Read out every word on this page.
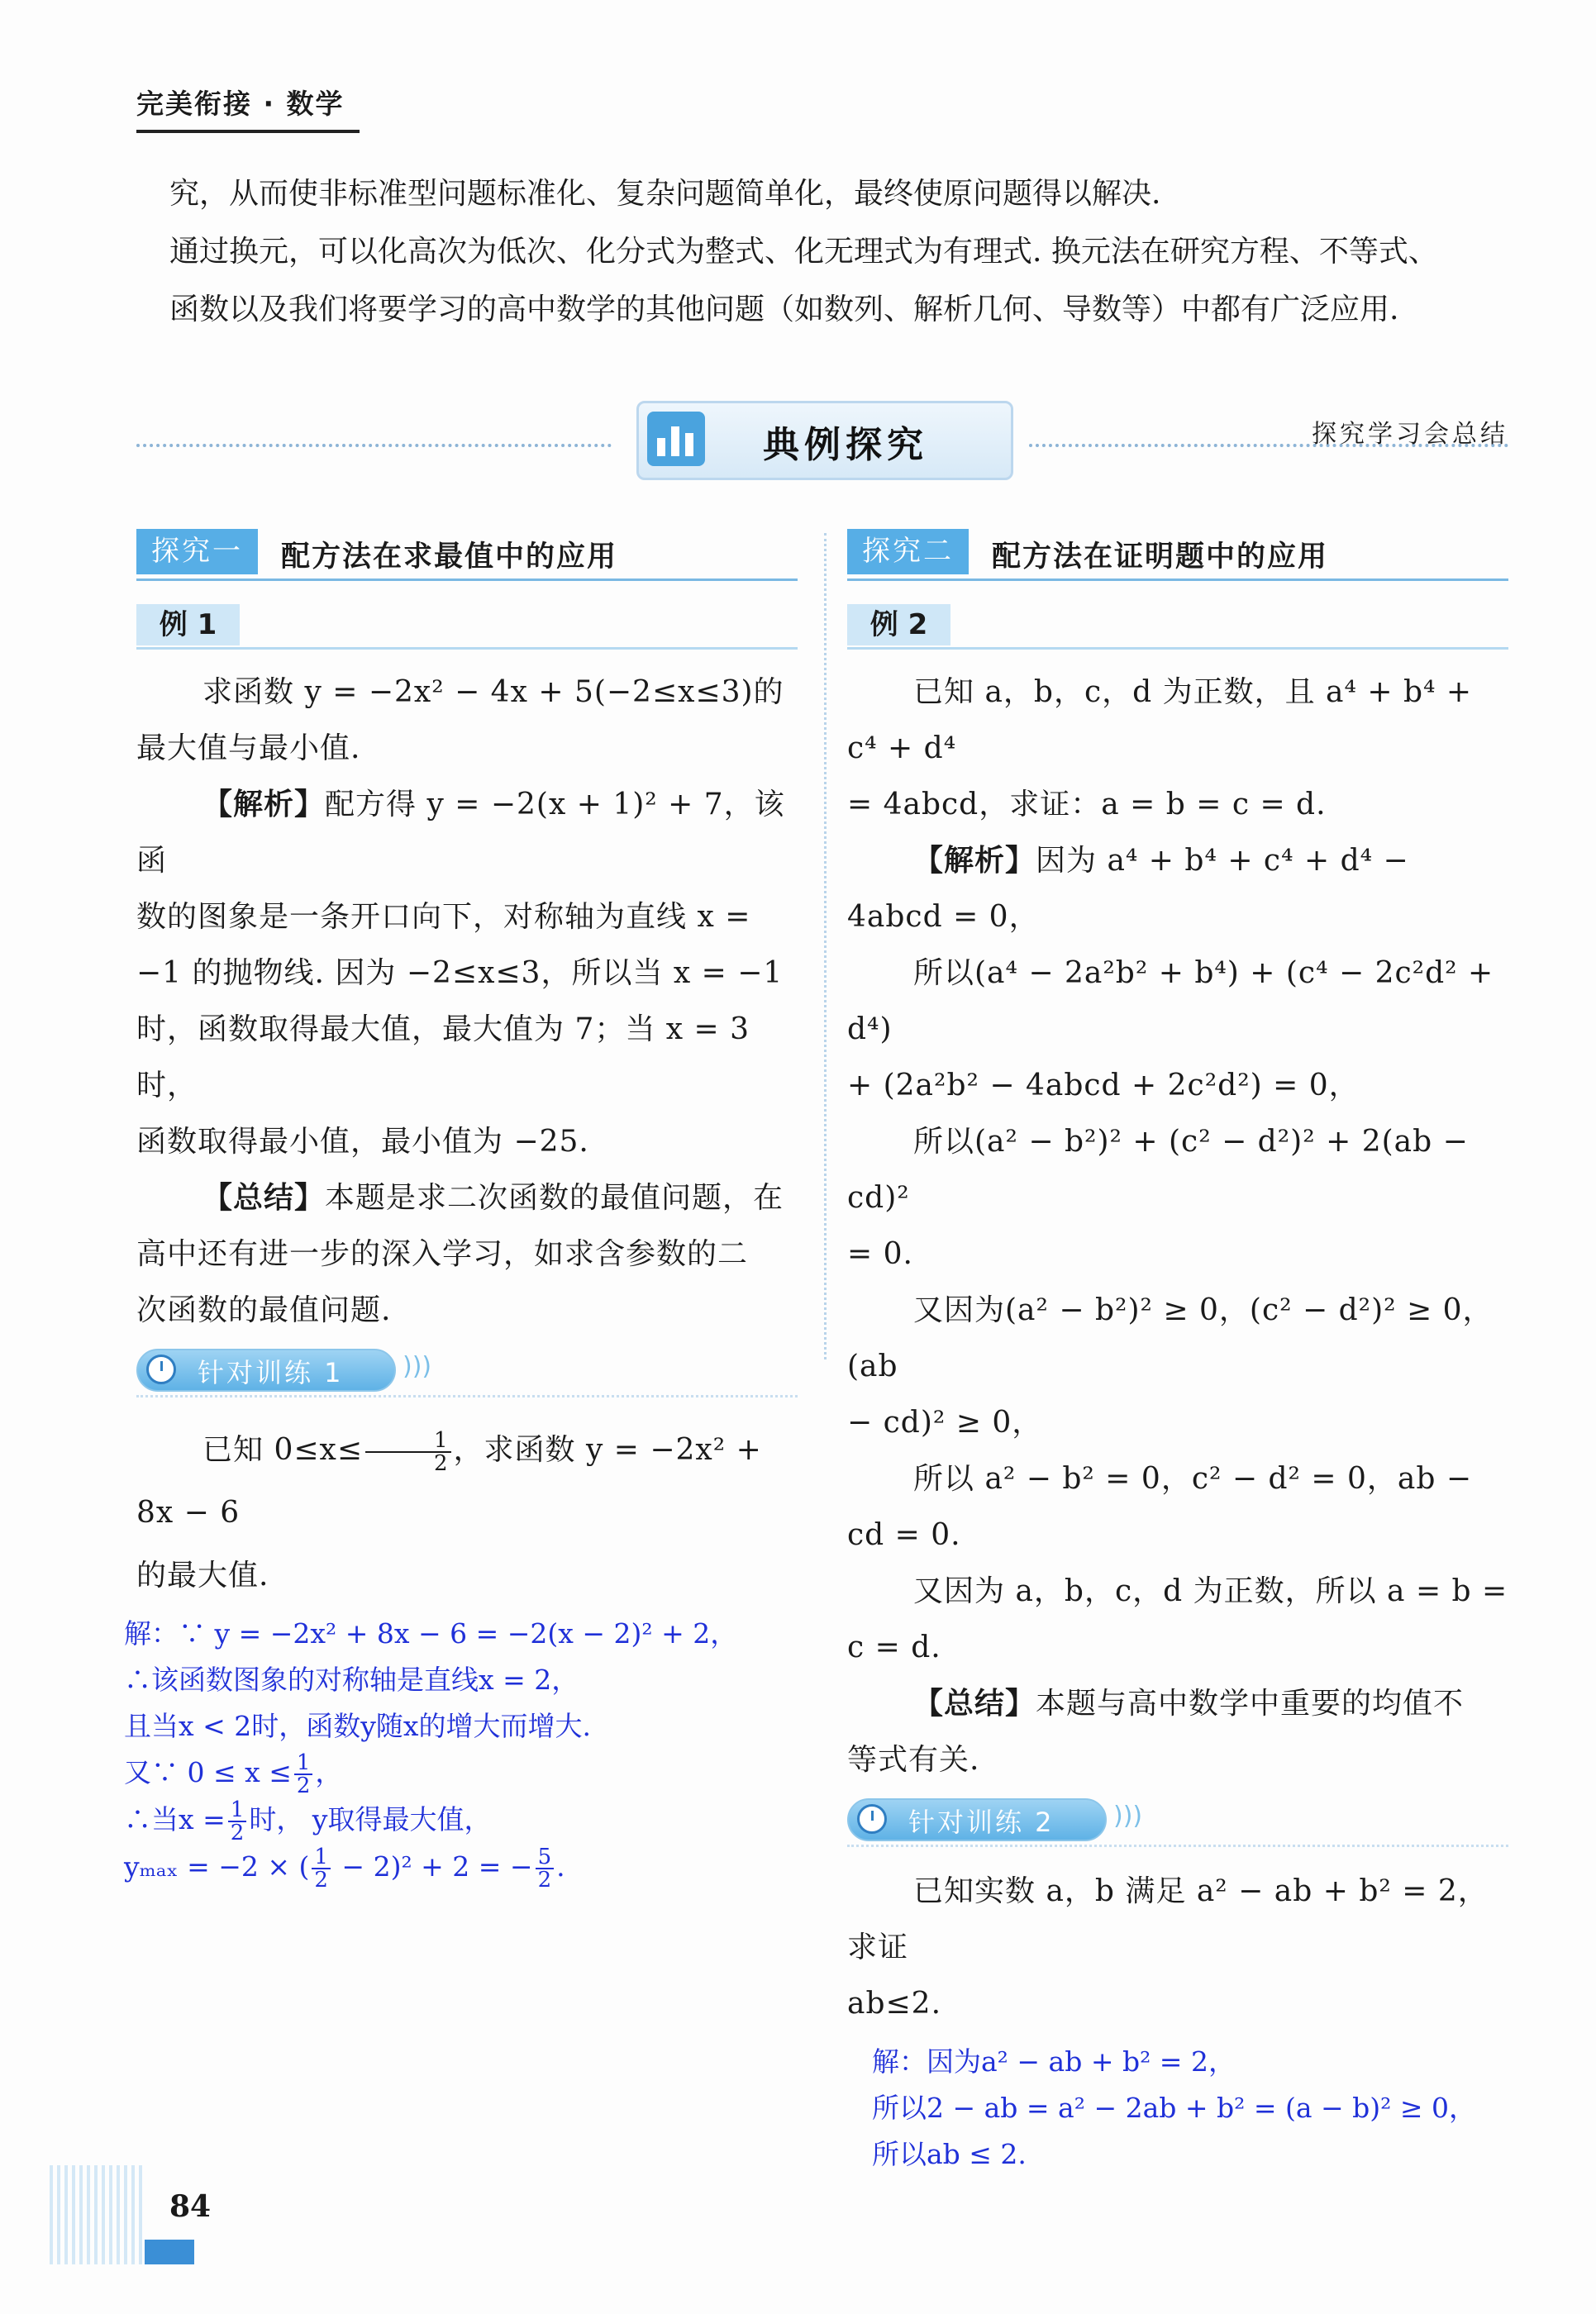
完美衔接 · 数学

究，从而使非标准型问题标准化、复杂问题简单化，最终使原问题得以解决.

通过换元，可以化高次为低次、化分式为整式、化无理式为有理式. 换元法在研究方程、不等式、

函数以及我们将要学习的高中数学的其他问题（如数列、解析几何、导数等）中都有广泛应用.

典例探究	探究学习会总结
探究一	配方法在求最值中的应用
例 1

求函数 y = −2x² − 4x + 5(−2≤x≤3)的

最大值与最小值.

【解析】配方得 y = −2(x + 1)² + 7，该函

数的图象是一条开口向下，对称轴为直线 x =

−1 的抛物线. 因为 −2≤x≤3，所以当 x = −1

时，函数取得最大值，最大值为 7；当 x = 3 时，

函数取得最小值，最小值为 −25.

【总结】本题是求二次函数的最值问题，在

高中还有进一步的深入学习，如求含参数的二

次函数的最值问题.

针对训练 1 )))

已知 $0\le x\le \frac{1}{2}$ ，求函数 y = −2x² + 8x − 6

的最大值.

解：∵ y = −2x² + 8x − 6 = −2(x − 2)² + 2，

∴该函数图象的对称轴是直线x = 2，

且当x < 2时，函数y随x的增大而增大.

又∵ $0 \le x \le \frac{1}{2}$ ，

∴当$x = \frac{1}{2}$ 时， y取得最大值，

yₘₐₓ = −2 × ( $\frac{1}{2} - 2)^2 + 2$ = − $\frac{5}{2}$ .

探究二	配方法在证明题中的应用
例 2

已知 a，b，c，d 为正数，且 a⁴ + b⁴ + c⁴ + d⁴

= 4abcd，求证：a = b = c = d.

【解析】因为 a⁴ + b⁴ + c⁴ + d⁴ − 4abcd = 0，

所以(a⁴ − 2a²b² + b⁴) + (c⁴ − 2c²d² + d⁴)

+ (2a²b² − 4abcd + 2c²d²) = 0，

所以(a² − b²)² + (c² − d²)² + 2(ab − cd)²

= 0.

又因为(a² − b²)² ≥ 0，(c² − d²)² ≥ 0，(ab

− cd)² ≥ 0，

所以 a² − b² = 0，c² − d² = 0，ab − cd = 0.

又因为 a，b，c，d 为正数，所以 a = b = c = d.

【总结】本题与高中数学中重要的均值不

等式有关.

针对训练 2 )))

已知实数 a，b 满足 a² − ab + b² = 2，求证

ab≤2.

解：因为a² − ab + b² = 2，

所以2 − ab = a² − 2ab + b² = (a − b)² ≥ 0，

所以ab ≤ 2.

84
